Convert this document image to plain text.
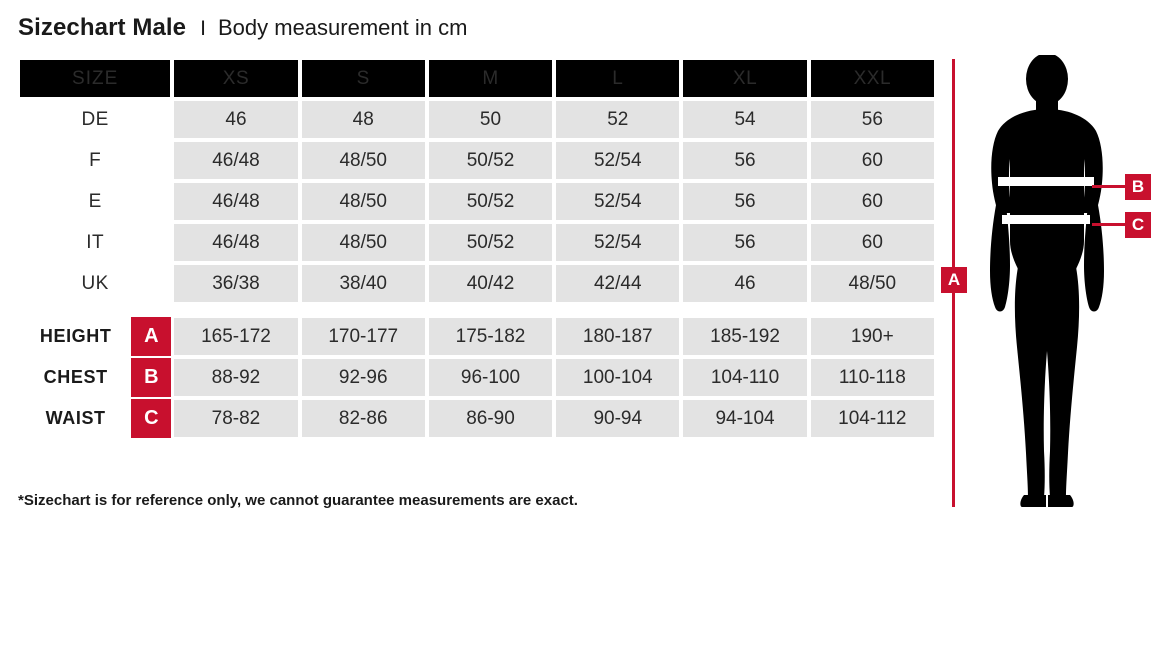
Sizechart Male I Body measurement in cm
SIZE	XS	S	M	L	XL	XXL
DE	46	48	50	52	54	56
F	46/48	48/50	50/52	52/54	56	60
E	46/48	48/50	50/52	52/54	56	60
IT	46/48	48/50	50/52	52/54	56	60
UK	36/38	38/40	40/42	42/44	46	48/50

HEIGHT A	165-172	170-177	175-182	180-187	185-192	190+

CHEST B	88-92	92-96	96-100	100-104	104-110	110-118

WAIST C	78-82	82-86	86-90	90-94	94-104	104-112
*Sizechart is for reference only, we cannot guarantee measurements are exact.
A
B
C
